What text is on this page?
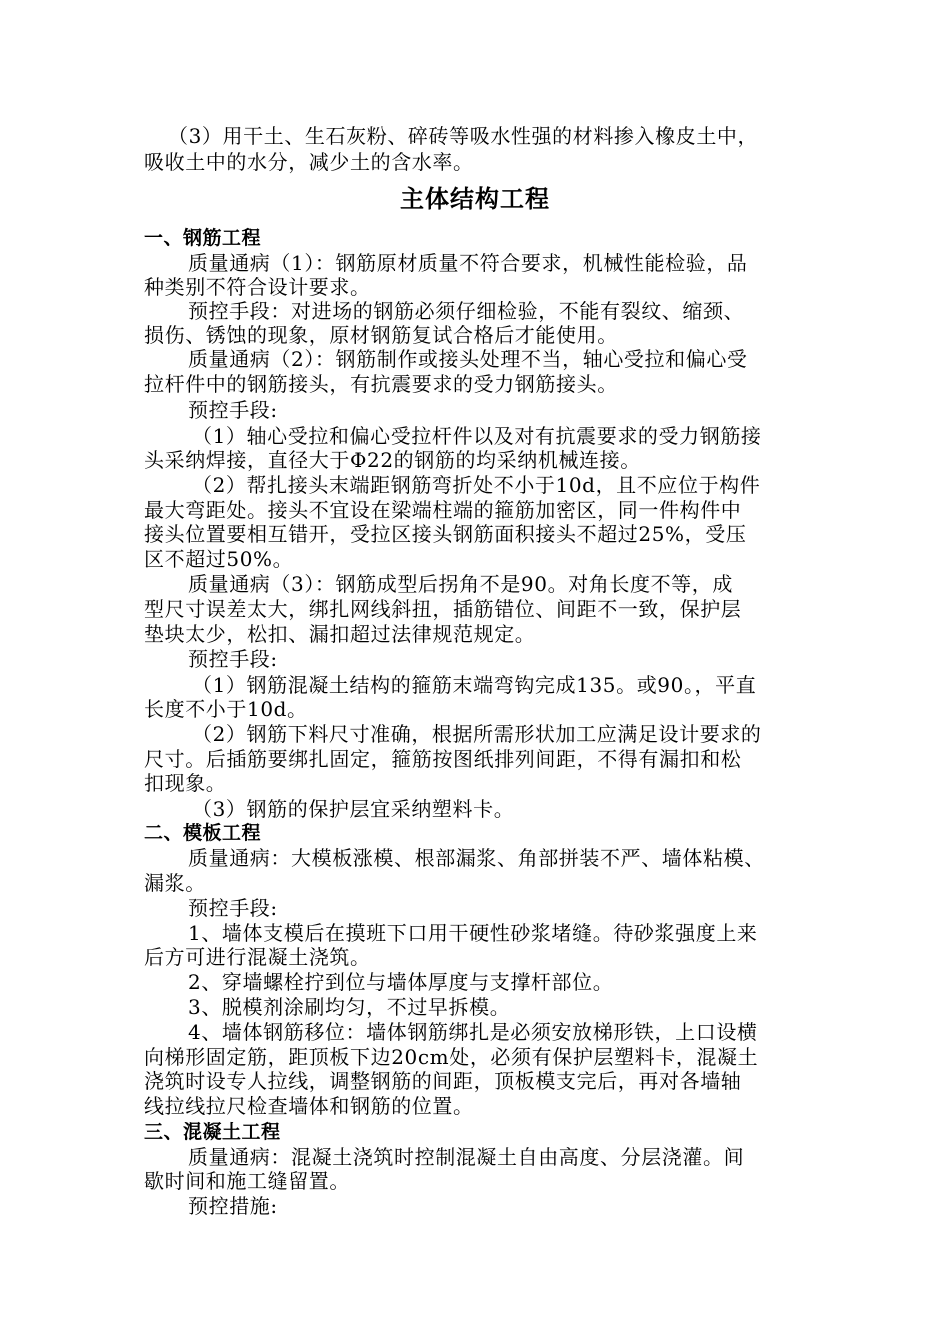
（3）用干土、生石灰粉、碎砖等吸水性强的材料掺入橡皮土中，
吸收土中的水分，减少土的含水率。
主体结构工程
一、钢筋工程
质量通病（1）：钢筋原材质量不符合要求，机械性能检验，品
种类别不符合设计要求。
预控手段：对进场的钢筋必须仔细检验，不能有裂纹、缩颈、
损伤、锈蚀的现象，原材钢筋复试合格后才能使用。
质量通病（2）：钢筋制作或接头处理不当，轴心受拉和偏心受
拉杆件中的钢筋接头，有抗震要求的受力钢筋接头。
预控手段:
（1）轴心受拉和偏心受拉杆件以及对有抗震要求的受力钢筋接
头采纳焊接，直径大于Φ22的钢筋的均采纳机械连接。
（2）帮扎接头末端距钢筋弯折处不小于10d，且不应位于构件
最大弯距处。接头不宜设在梁端柱端的箍筋加密区，同一件构件中
接头位置要相互错开，受拉区接头钢筋面积接头不超过25%，受压
区不超过50%。
质量通病（3）：钢筋成型后拐角不是90。对角长度不等，成
型尺寸误差太大，绑扎网线斜扭，插筋错位、间距不一致，保护层
垫块太少，松扣、漏扣超过法律规范规定。
预控手段:
（1）钢筋混凝土结构的箍筋末端弯钩完成135。或90。，平直
长度不小于10d。
（2）钢筋下料尺寸准确，根据所需形状加工应满足设计要求的
尺寸。后插筋要绑扎固定，箍筋按图纸排列间距，不得有漏扣和松
扣现象。
（3）钢筋的保护层宜采纳塑料卡。
二、模板工程
质量通病：大模板涨模、根部漏浆、角部拼装不严、墙体粘模、
漏浆。
预控手段:
1、墙体支模后在摸班下口用干硬性砂浆堵缝。待砂浆强度上来
后方可进行混凝土浇筑。
2、穿墙螺栓拧到位与墙体厚度与支撑杆部位。
3、脱模剂涂刷均匀，不过早拆模。
4、墙体钢筋移位：墙体钢筋绑扎是必须安放梯形铁，上口设横
向梯形固定筋，距顶板下边20cm处，必须有保护层塑料卡，混凝土
浇筑时设专人拉线，调整钢筋的间距，顶板模支完后，再对各墙轴
线拉线拉尺检查墙体和钢筋的位置。
三、混凝土工程
质量通病：混凝土浇筑时控制混凝土自由高度、分层浇灌。间
歇时间和施工缝留置。
预控措施:
